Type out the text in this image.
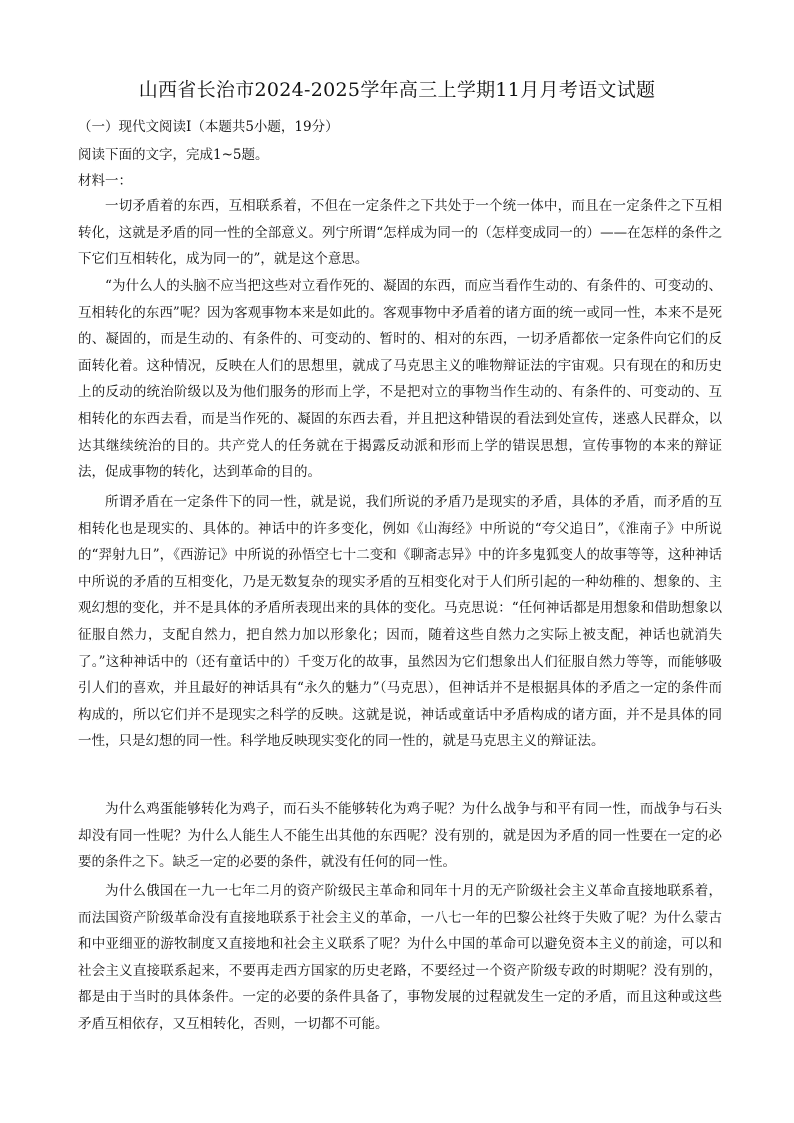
山西省长治市2024-2025学年高三上学期11月月考语文试题
（一）现代文阅读Ⅰ（本题共5小题，19分）
阅读下面的文字，完成1~5题。
材料一：

一切矛盾着的东西，互相联系着，不但在一定条件之下共处于一个统一体中，而且在一定条件之下互相转化，这就是矛盾的同一性的全部意义。列宁所谓“怎样成为同一的（怎样变成同一的）——在怎样的条件之下它们互相转化，成为同一的”，就是这个意思。

“为什么人的头脑不应当把这些对立看作死的、凝固的东西，而应当看作生动的、有条件的、可变动的、互相转化的东西”呢？因为客观事物本来是如此的。客观事物中矛盾着的诸方面的统一或同一性，本来不是死的、凝固的，而是生动的、有条件的、可变动的、暂时的、相对的东西，一切矛盾都依一定条件向它们的反面转化着。这种情况，反映在人们的思想里，就成了马克思主义的唯物辩证法的宇宙观。只有现在的和历史上的反动的统治阶级以及为他们服务的形而上学，不是把对立的事物当作生动的、有条件的、可变动的、互相转化的东西去看，而是当作死的、凝固的东西去看，并且把这种错误的看法到处宣传，迷惑人民群众，以达其继续统治的目的。共产党人的任务就在于揭露反动派和形而上学的错误思想，宣传事物的本来的辩证法，促成事物的转化，达到革命的目的。

所谓矛盾在一定条件下的同一性，就是说，我们所说的矛盾乃是现实的矛盾，具体的矛盾，而矛盾的互相转化也是现实的、具体的。神话中的许多变化，例如《山海经》中所说的“夸父追日”，《淮南子》中所说的“羿射九日”，《西游记》中所说的孙悟空七十二变和《聊斋志异》中的许多鬼狐变人的故事等等，这种神话中所说的矛盾的互相变化，乃是无数复杂的现实矛盾的互相变化对于人们所引起的一种幼稚的、想象的、主观幻想的变化，并不是具体的矛盾所表现出来的具体的变化。马克思说：“任何神话都是用想象和借助想象以征服自然力，支配自然力，把自然力加以形象化；因而，随着这些自然力之实际上被支配，神话也就消失了。”这种神话中的（还有童话中的）千变万化的故事，虽然因为它们想象出人们征服自然力等等，而能够吸引人们的喜欢，并且最好的神话具有“永久的魅力”（马克思），但神话并不是根据具体的矛盾之一定的条件而构成的，所以它们并不是现实之科学的反映。这就是说，神话或童话中矛盾构成的诸方面，并不是具体的同一性，只是幻想的同一性。科学地反映现实变化的同一性的，就是马克思主义的辩证法。

为什么鸡蛋能够转化为鸡子，而石头不能够转化为鸡子呢？为什么战争与和平有同一性，而战争与石头却没有同一性呢？为什么人能生人不能生出其他的东西呢？没有别的，就是因为矛盾的同一性要在一定的必要的条件之下。缺乏一定的必要的条件，就没有任何的同一性。

为什么俄国在一九一七年二月的资产阶级民主革命和同年十月的无产阶级社会主义革命直接地联系着，而法国资产阶级革命没有直接地联系于社会主义的革命，一八七一年的巴黎公社终于失败了呢？为什么蒙古和中亚细亚的游牧制度又直接地和社会主义联系了呢？为什么中国的革命可以避免资本主义的前途，可以和社会主义直接联系起来，不要再走西方国家的历史老路，不要经过一个资产阶级专政的时期呢？没有别的，都是由于当时的具体条件。一定的必要的条件具备了，事物发展的过程就发生一定的矛盾，而且这种或这些矛盾互相依存，又互相转化，否则，一切都不可能。
